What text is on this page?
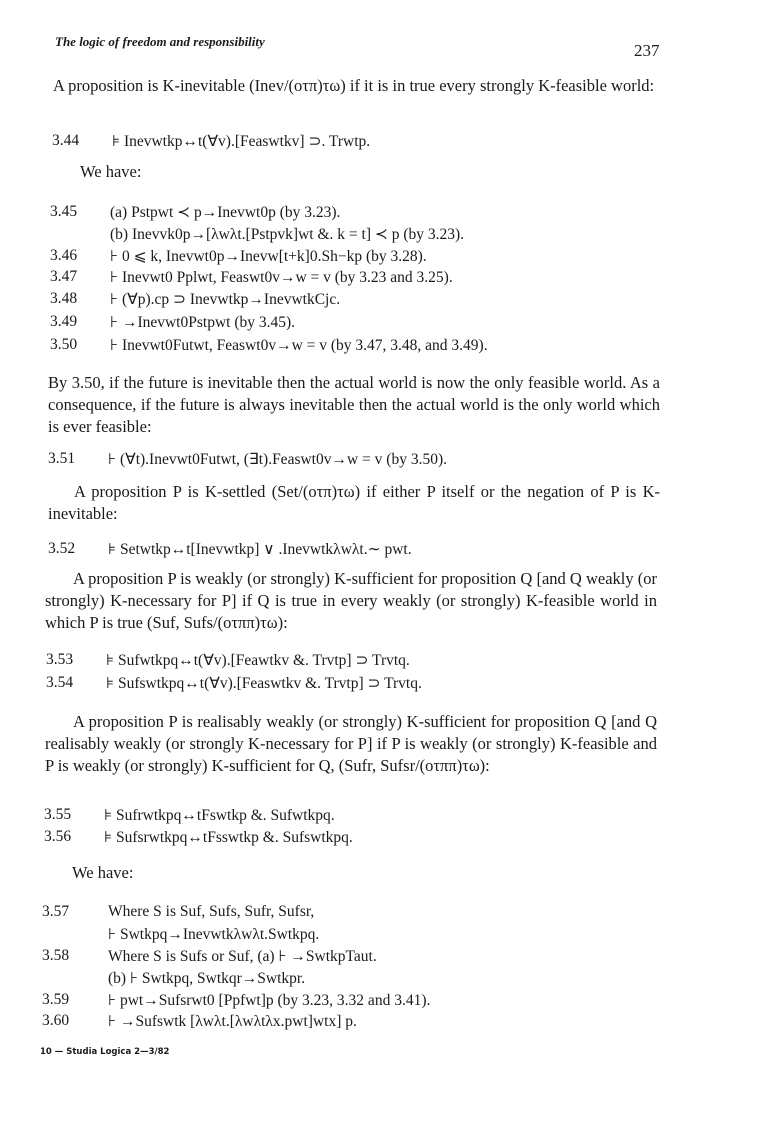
The logic of freedom and responsibility	237
A proposition is K-inevitable (Inev/(οτπ)τω) if it is in true every strongly K-feasible world:
We have:
By 3.50, if the future is inevitable then the actual world is now the only feasible world. As a consequence, if the future is always inevitable then the actual world is the only world which is ever feasible:
A proposition P is K-settled (Set/(οτπ)τω) if either P itself or the negation of P is K-inevitable:
A proposition P is weakly (or strongly) K-sufficient for proposition Q [and Q weakly (or strongly) K-necessary for P] if Q is true in every weakly (or strongly) K-feasible world in which P is true (Suf, Sufs/(οτππ)τω):
A proposition P is realisably weakly (or strongly) K-sufficient for proposition Q [and Q realisably weakly (or strongly K-necessary for P] if P is weakly (or strongly) K-feasible and P is weakly (or strongly) K-sufficient for Q, (Sufr, Sufsr/(οτππ)τω):
We have:
3.44 ⊧ Inevwtkp↔t(∀v).[Feaswtkv] ⊃. Trwtp.
3.45 (a) Pstpwt ≺ p→Inevwt0p (by 3.23).
(b) Inevvk0p→[λwλt.[Pstpvk]wt &. k = t] ≺ p (by 3.23).
3.46 ⊦ 0 ⩽ k, Inevwt0p→Inevw[t+k]0.Sh−kp (by 3.28).
3.47 ⊦ Inevwt0 Pplwt, Feaswt0v→w = v (by 3.23 and 3.25).
3.48 ⊦ (∀p).cp ⊃ Inevwtkp→InevwtkCjc.
3.49 ⊦ →Inevwt0Pstpwt (by 3.45).
3.50 ⊦ Inevwt0Futwt, Feaswt0v→w = v (by 3.47, 3.48, and 3.49).
3.51 ⊦ (∀t).Inevwt0Futwt, (∃t).Feaswt0v→w = v (by 3.50).
3.52 ⊧ Setwtkp↔t[Inevwtkp] ∨ .Inevwtkλwλt.∼ pwt.
3.53 ⊧ Sufwtkpq↔t(∀v).[Feawtkv &. Trvtp] ⊃ Trvtq.
3.54 ⊧ Sufswtkpq↔t(∀v).[Feaswtkv &. Trvtp] ⊃ Trvtq.
3.55 ⊧ Sufrwtkpq↔tFswtkp &. Sufwtkpq.
3.56 ⊧ Sufsrwtkpq↔tFsswtkp &. Sufswtkpq.
3.57	Where S is Suf, Sufs, Sufr, Sufsr,
⊦ Swtkpq→Inevwtkλwλt.Swtkpq.
3.58	Where S is Sufs or Suf, (a) ⊦ →SwtkpTaut.
(b) ⊦ Swtkpq, Swtkqr→Swtkpr.
3.59	⊦ pwt→Sufsrwt0 [Ppfwt]p (by 3.23, 3.32 and 3.41).
3.60	⊦ →Sufswtk [λwλt.[λwλtλx.pwt]wtx] p.
10 — Studia Logica 2—3/82
